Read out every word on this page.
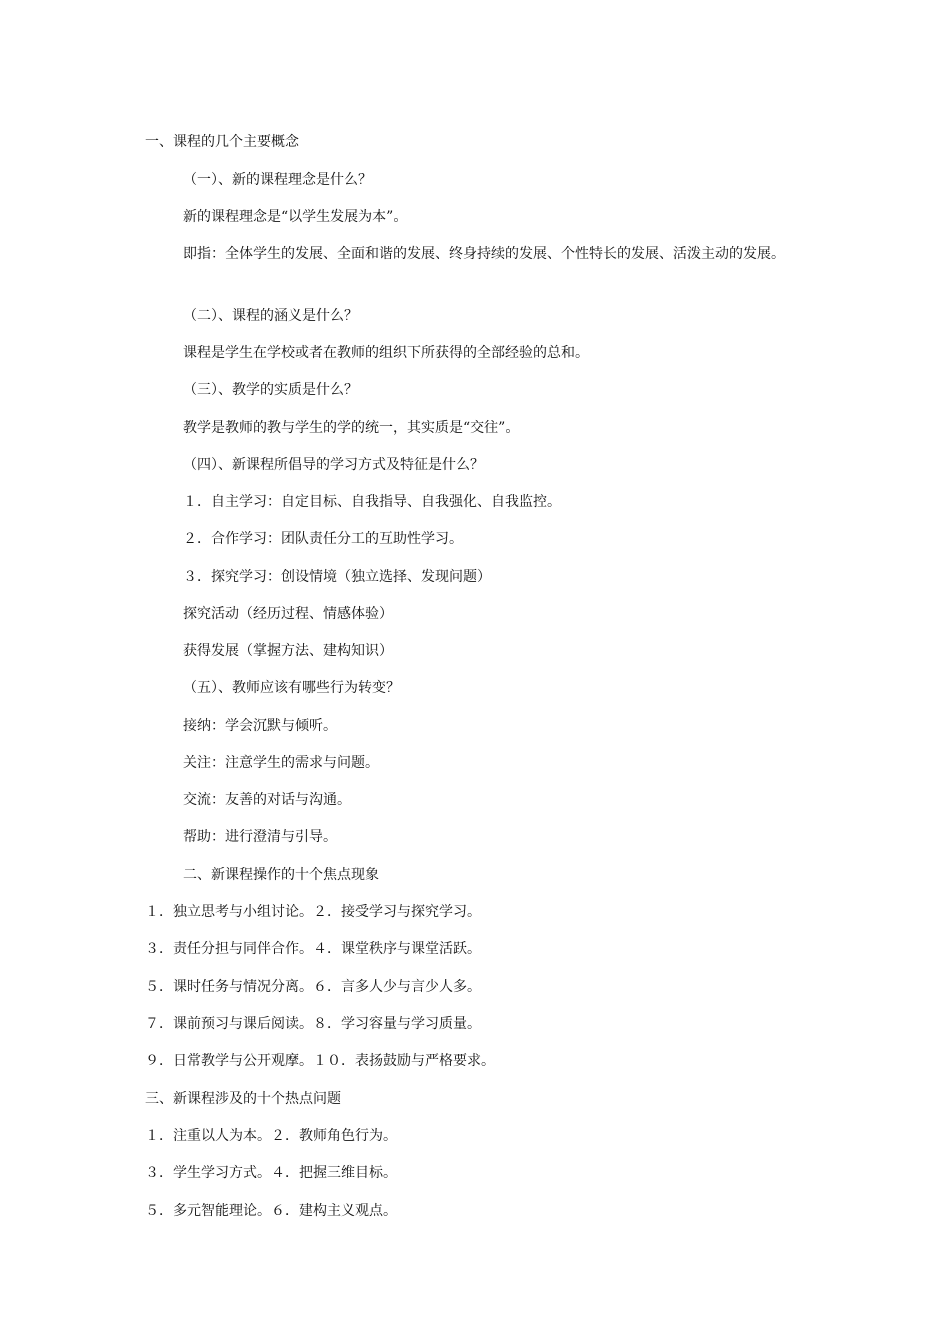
一、课程的几个主要概念
（一）、新的课程理念是什么？
新的课程理念是“以学生发展为本”。
即指：全体学生的发展、全面和谐的发展、终身持续的发展、个性特长的发展、活泼主动的发展。
（二）、课程的涵义是什么？
课程是学生在学校或者在教师的组织下所获得的全部经验的总和。
（三）、教学的实质是什么？
教学是教师的教与学生的学的统一，其实质是“交往”。
（四）、新课程所倡导的学习方式及特征是什么？
１．自主学习：自定目标、自我指导、自我强化、自我监控。
２．合作学习：团队责任分工的互助性学习。
３．探究学习：创设情境（独立选择、发现问题）
探究活动（经历过程、情感体验）
获得发展（掌握方法、建构知识）
（五）、教师应该有哪些行为转变？
接纳：学会沉默与倾听。
关注：注意学生的需求与问题。
交流：友善的对话与沟通。
帮助：进行澄清与引导。
二、新课程操作的十个焦点现象
１．独立思考与小组讨论。２．接受学习与探究学习。
３．责任分担与同伴合作。４．课堂秩序与课堂活跃。
５．课时任务与情况分离。６．言多人少与言少人多。
７．课前预习与课后阅读。８．学习容量与学习质量。
９．日常教学与公开观摩。１０．表扬鼓励与严格要求。
三、新课程涉及的十个热点问题
１．注重以人为本。２．教师角色行为。
３．学生学习方式。４．把握三维目标。
５．多元智能理论。６．建构主义观点。
